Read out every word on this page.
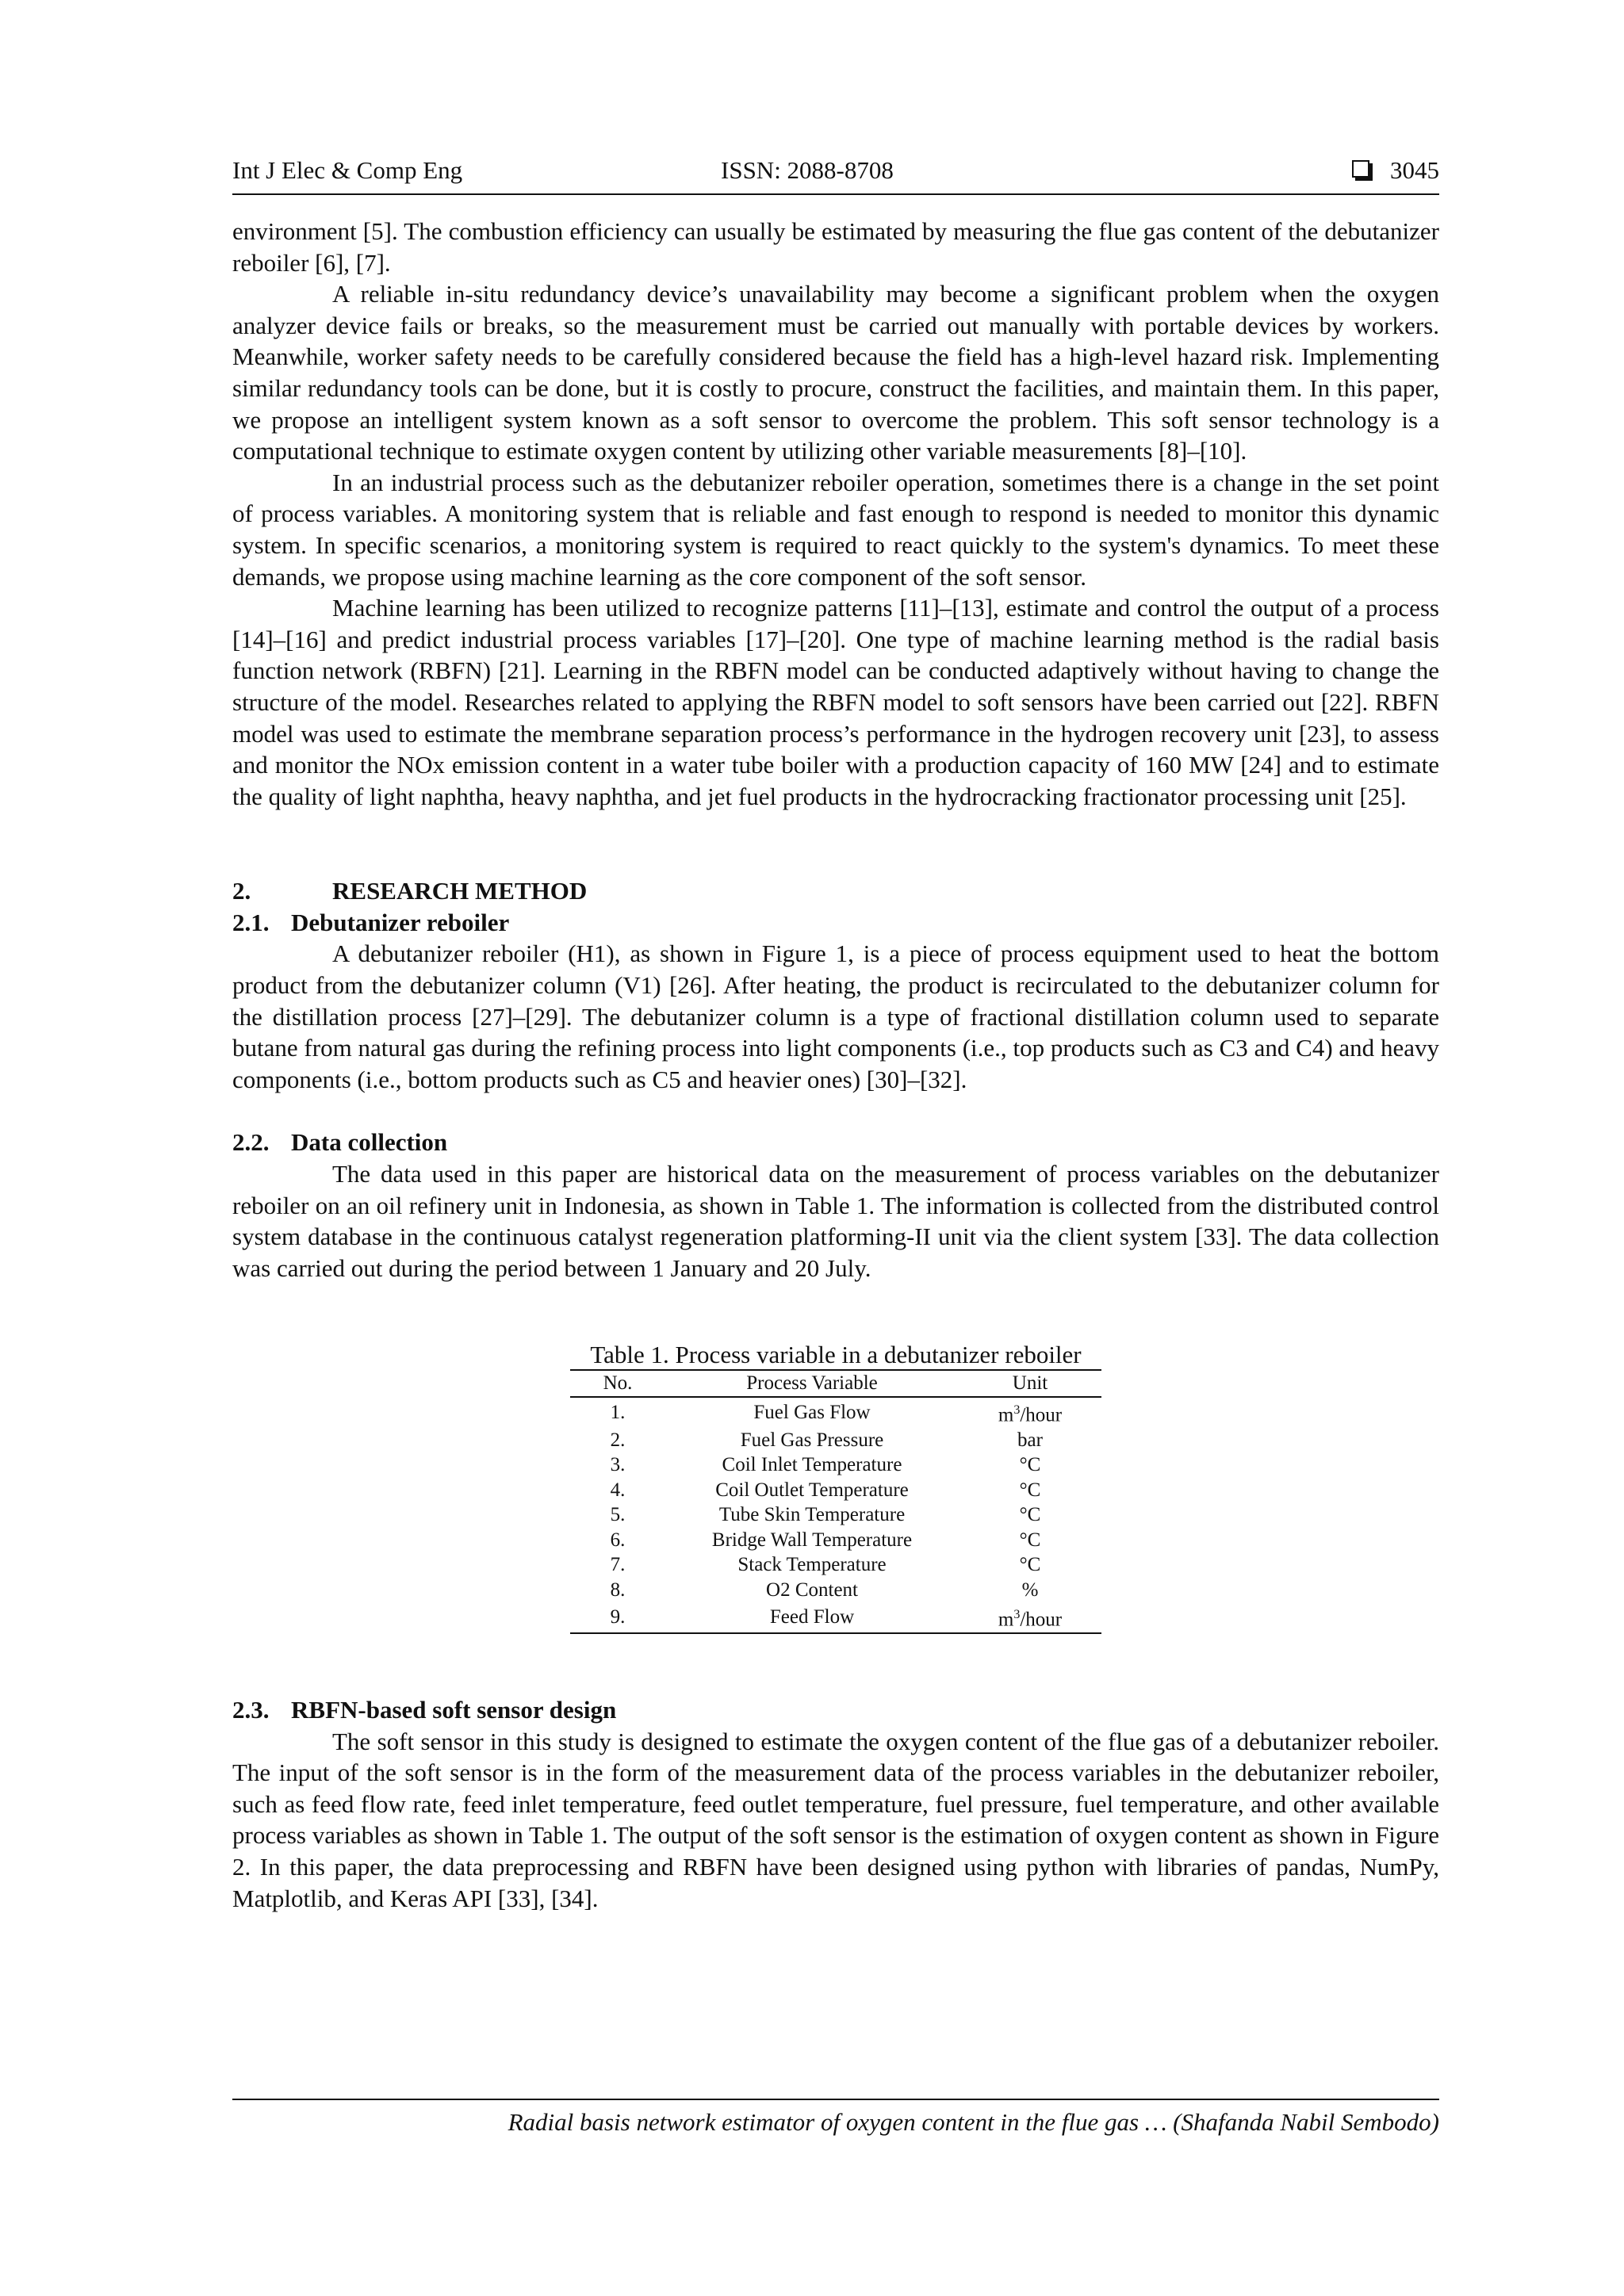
Int J Elec & Comp Eng	ISSN: 2088-8708	3045

environment [5]. The combustion efficiency can usually be estimated by measuring the flue gas content of the debutanizer reboiler [6], [7].

A reliable in-situ redundancy device’s unavailability may become a significant problem when the oxygen analyzer device fails or breaks, so the measurement must be carried out manually with portable devices by workers. Meanwhile, worker safety needs to be carefully considered because the field has a high-level hazard risk. Implementing similar redundancy tools can be done, but it is costly to procure, construct the facilities, and maintain them. In this paper, we propose an intelligent system known as a soft sensor to overcome the problem. This soft sensor technology is a computational technique to estimate oxygen content by utilizing other variable measurements [8]–[10].

In an industrial process such as the debutanizer reboiler operation, sometimes there is a change in the set point of process variables. A monitoring system that is reliable and fast enough to respond is needed to monitor this dynamic system. In specific scenarios, a monitoring system is required to react quickly to the system's dynamics. To meet these demands, we propose using machine learning as the core component of the soft sensor.

Machine learning has been utilized to recognize patterns [11]–[13], estimate and control the output of a process [14]–[16] and predict industrial process variables [17]–[20]. One type of machine learning method is the radial basis function network (RBFN) [21]. Learning in the RBFN model can be conducted adaptively without having to change the structure of the model. Researches related to applying the RBFN model to soft sensors have been carried out [22]. RBFN model was used to estimate the membrane separation process’s performance in the hydrogen recovery unit [23], to assess and monitor the NOx emission content in a water tube boiler with a production capacity of 160 MW [24] and to estimate the quality of light naphtha, heavy naphtha, and jet fuel products in the hydrocracking fractionator processing unit [25].

2.	RESEARCH METHOD
2.1. Debutanizer reboiler

A debutanizer reboiler (H1), as shown in Figure 1, is a piece of process equipment used to heat the bottom product from the debutanizer column (V1) [26]. After heating, the product is recirculated to the debutanizer column for the distillation process [27]–[29]. The debutanizer column is a type of fractional distillation column used to separate butane from natural gas during the refining process into light components (i.e., top products such as C3 and C4) and heavy components (i.e., bottom products such as C5 and heavier ones) [30]–[32].

2.2. Data collection

The data used in this paper are historical data on the measurement of process variables on the debutanizer reboiler on an oil refinery unit in Indonesia, as shown in Table 1. The information is collected from the distributed control system database in the continuous catalyst regeneration platforming-II unit via the client system [33]. The data collection was carried out during the period between 1 January and 20 July.

Table 1. Process variable in a debutanizer reboiler
No.	Process Variable	Unit
1.	Fuel Gas Flow	$m^3$/hour
2.	Fuel Gas Pressure	bar
3.	Coil Inlet Temperature	°C
4.	Coil Outlet Temperature	°C
5.	Tube Skin Temperature	°C
6.	Bridge Wall Temperature	°C
7.	Stack Temperature	°C
8.	O2 Content	%
9.	Feed Flow	$m^3$/hour
2.3. RBFN-based soft sensor design

The soft sensor in this study is designed to estimate the oxygen content of the flue gas of a debutanizer reboiler. The input of the soft sensor is in the form of the measurement data of the process variables in the debutanizer reboiler, such as feed flow rate, feed inlet temperature, feed outlet temperature, fuel pressure, fuel temperature, and other available process variables as shown in Table 1. The output of the soft sensor is the estimation of oxygen content as shown in Figure 2. In this paper, the data preprocessing and RBFN have been designed using python with libraries of pandas, NumPy, Matplotlib, and Keras API [33], [34].

Radial basis network estimator of oxygen content in the flue gas … (Shafanda Nabil Sembodo)
